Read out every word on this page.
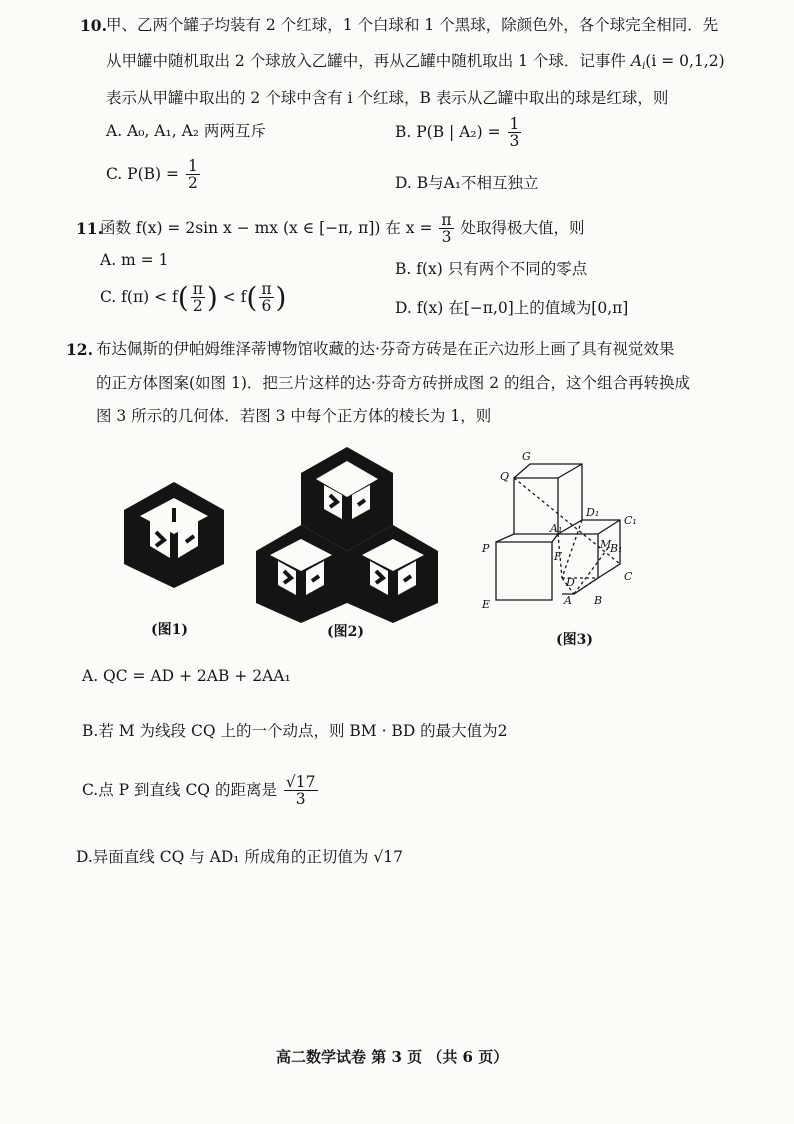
10. 甲、乙两个罐子均装有 2 个红球，1 个白球和 1 个黑球，除颜色外，各个球完全相同．先
从甲罐中随机取出 2 个球放入乙罐中，再从乙罐中随机取出 1 个球．记事件 $A_i(i = 0,1,2)$
表示从甲罐中取出的 2 个球中含有 i 个红球，B 表示从乙罐中取出的球是红球，则
A. A₀, A₁, A₂ 两两互斥	B. P(B | $A_2) = \frac{1}{3}$
C. $P(B) = \frac{1}{2}$	D. B与A₁不相互独立
11.
函数 f(x) = 2sin x − mx (x ∈ [−π, π]) 在 $x = \frac{\pi}{3}$ 处取得极大值，则
A. m = 1	B. f(x) 只有两个不同的零点
C. $f(\pi) < f( \frac{\pi}{2}$ ) < $f( \frac{\pi}{6}$ )	D. f(x) 在[−π,0]上的值域为[0,π]
12. 布达佩斯的伊帕姆维泽蒂博物馆收藏的达·芬奇方砖是在正六边形上画了具有视觉效果
的正方体图案(如图 1)．把三片这样的达·芬奇方砖拼成图 2 的组合，这个组合再转换成
图 3 所示的几何体．若图 3 中每个正方体的棱长为 1，则
(图1)	(图2)
G
Q
D₁
C₁
A₁
M
B₁
P
F
D	C
E	A B
(图3)
A. QC = AD + 2AB + 2AA₁
B.若 M 为线段 CQ 上的一个动点，则 BM · BD 的最大值为2
C.点 P 到直线 CQ 的距离是 $\frac{√17}{3}$
D.异面直线 CQ 与 AD₁ 所成角的正切值为 √17
高二数学试卷 第 3 页 （共 6 页）
